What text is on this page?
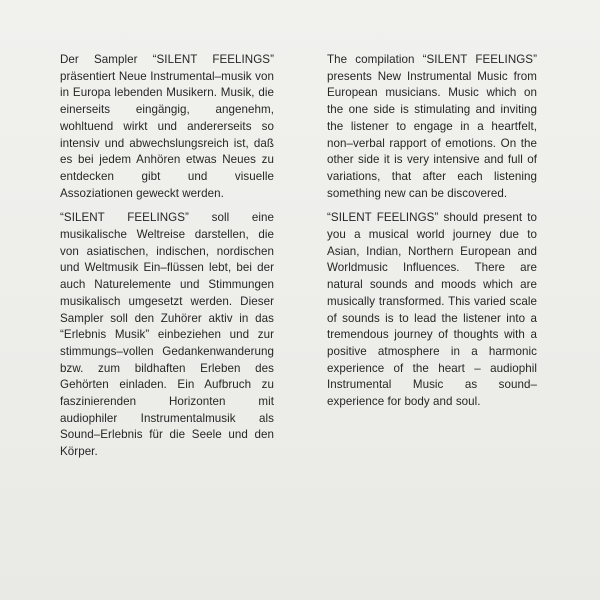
Der Sampler “SILENT FEELINGS” präsentiert Neue Instrumental–musik von in Europa lebenden Musikern. Musik, die einerseits eingängig, angenehm, wohltuend wirkt und andererseits so intensiv und abwechslungsreich ist, daß es bei jedem Anhören etwas Neues zu entdecken gibt und visuelle Assoziationen geweckt werden.

“SILENT FEELINGS” soll eine musikalische Weltreise darstellen, die von asiatischen, indischen, nordischen und Weltmusik Ein–flüssen lebt, bei der auch Naturelemente und Stimmungen musikalisch umgesetzt werden. Dieser Sampler soll den Zuhörer aktiv in das “Erlebnis Musik” einbeziehen und zur stimmungs–vollen Gedankenwanderung bzw. zum bildhaften Erleben des Gehörten einladen. Ein Aufbruch zu faszinierenden Horizonten mit audiophiler Instrumentalmusik als Sound–Erlebnis für die Seele und den Körper.

The compilation “SILENT FEELINGS” presents New Instrumental Music from European musicians. Music which on the one side is stimulating and inviting the listener to engage in a heartfelt, non–verbal rapport of emotions. On the other side it is very intensive and full of variations, that after each listening something new can be discovered.

“SILENT FEELINGS” should present to you a musical world journey due to Asian, Indian, Northern European and Worldmusic Influences. There are natural sounds and moods which are musically transformed. This varied scale of sounds is to lead the listener into a tremendous journey of thoughts with a positive atmosphere in a harmonic experience of the heart – audiophil Instrumental Music as sound–experience for body and soul.
